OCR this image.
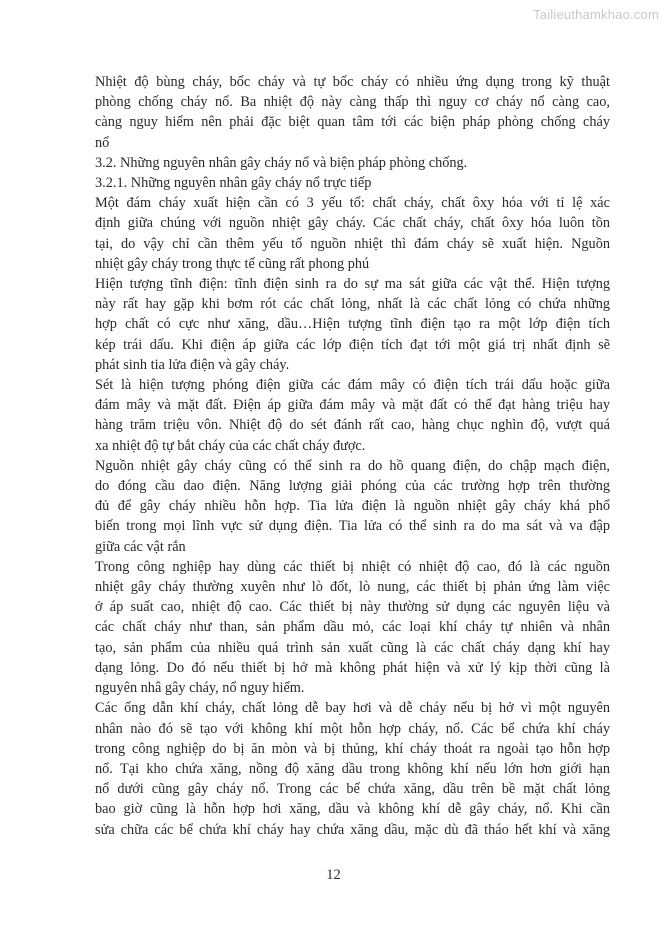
Tailieuthamkhao.com

Nhiệt độ bùng cháy, bốc cháy và tự bốc cháy có nhiều ứng dụng trong kỹ thuật
phòng chống cháy nổ. Ba nhiệt độ này càng thấp thì nguy cơ cháy nổ càng cao,
càng nguy hiểm nên phải đặc biệt quan tâm tới các biện pháp phòng chống cháy
nổ

3.2. Những nguyên nhân gây cháy nổ và biện pháp phòng chống.

3.2.1. Những nguyên nhân gây cháy nổ trực tiếp

Một đám cháy xuất hiện cần có 3 yếu tố: chất cháy, chất ôxy hóa với tỉ lệ xác
định giữa chúng với nguồn nhiệt gây cháy. Các chất cháy, chất ôxy hóa luôn tồn
tại, do vậy chỉ cần thêm yếu tố nguồn nhiệt thì đám cháy sẽ xuất hiện. Nguồn
nhiệt gây cháy trong thực tế cũng rất phong phú

Hiện tượng tĩnh điện: tĩnh điện sinh ra do sự ma sát giữa các vật thể. Hiện tượng
này rất hay gặp khi bơm rót các chất lỏng, nhất là các chất lỏng có chứa những
hợp chất có cực như xăng, dầu…Hiện tượng tĩnh điện tạo ra một lớp điện tích
kép trái dấu. Khi điện áp giữa các lớp điện tích đạt tới một giá trị nhất định sẽ
phát sinh tia lửa điện và gây cháy.

Sét là hiện tượng phóng điện giữa các đám mây có điện tích trái dấu hoặc giữa
đám mây và mặt đất. Điện áp giữa đám mây và mặt đất có thể đạt hàng triệu hay
hàng trăm triệu vôn. Nhiệt độ do sét đánh rất cao, hàng chục nghìn độ, vượt quá
xa nhiệt độ tự bắt cháy của các chất cháy được.

Nguồn nhiệt gây cháy cũng có thể sinh ra do hồ quang điện, do chập mạch điện,
do đóng cầu dao điện. Năng lượng giải phóng của các trường hợp trên thường
đủ để gây cháy nhiều hỗn hợp. Tia lửa điện là nguồn nhiệt gây cháy khá phổ
biến trong mọi lĩnh vực sử dụng điện. Tia lửa có thể sinh ra do ma sát và va đập
giữa các vật rắn

Trong công nghiệp hay dùng các thiết bị nhiệt có nhiệt độ cao, đó là các nguồn
nhiệt gây cháy thường xuyên như lò đốt, lò nung, các thiết bị phản ứng làm việc
ở áp suất cao, nhiệt độ cao. Các thiết bị này thường sử dụng các nguyên liệu và
các chất cháy như than, sản phẩm dầu mỏ, các loại khí cháy tự nhiên và nhân
tạo, sản phẩm của nhiều quá trình sản xuất cũng là các chất cháy dạng khí hay
dạng lỏng. Do đó nếu thiết bị hở mà không phát hiện và xử lý kịp thời cũng là
nguyên nhâ gây cháy, nổ nguy hiểm.

Các ống dẫn khí cháy, chất lỏng dễ bay hơi và dễ cháy nếu bị hở vì một nguyên
nhân nào đó sẽ tạo với không khí một hỗn hợp cháy, nổ. Các bể chứa khí cháy
trong công nghiệp do bị ăn mòn và bị thủng, khí cháy thoát ra ngoài tạo hỗn hợp
nổ. Tại kho chứa xăng, nồng độ xăng dầu trong không khí nếu lớn hơn giới hạn
nổ dưới cũng gây cháy nổ. Trong các bể chứa xăng, dầu trên bề mặt chất lỏng
bao giờ cũng là hỗn hợp hơi xăng, dầu và không khí dễ gây cháy, nổ. Khi cần
sửa chữa các bể chứa khí cháy hay chứa xăng dầu, mặc dù đã tháo hết khí và xăng

12
